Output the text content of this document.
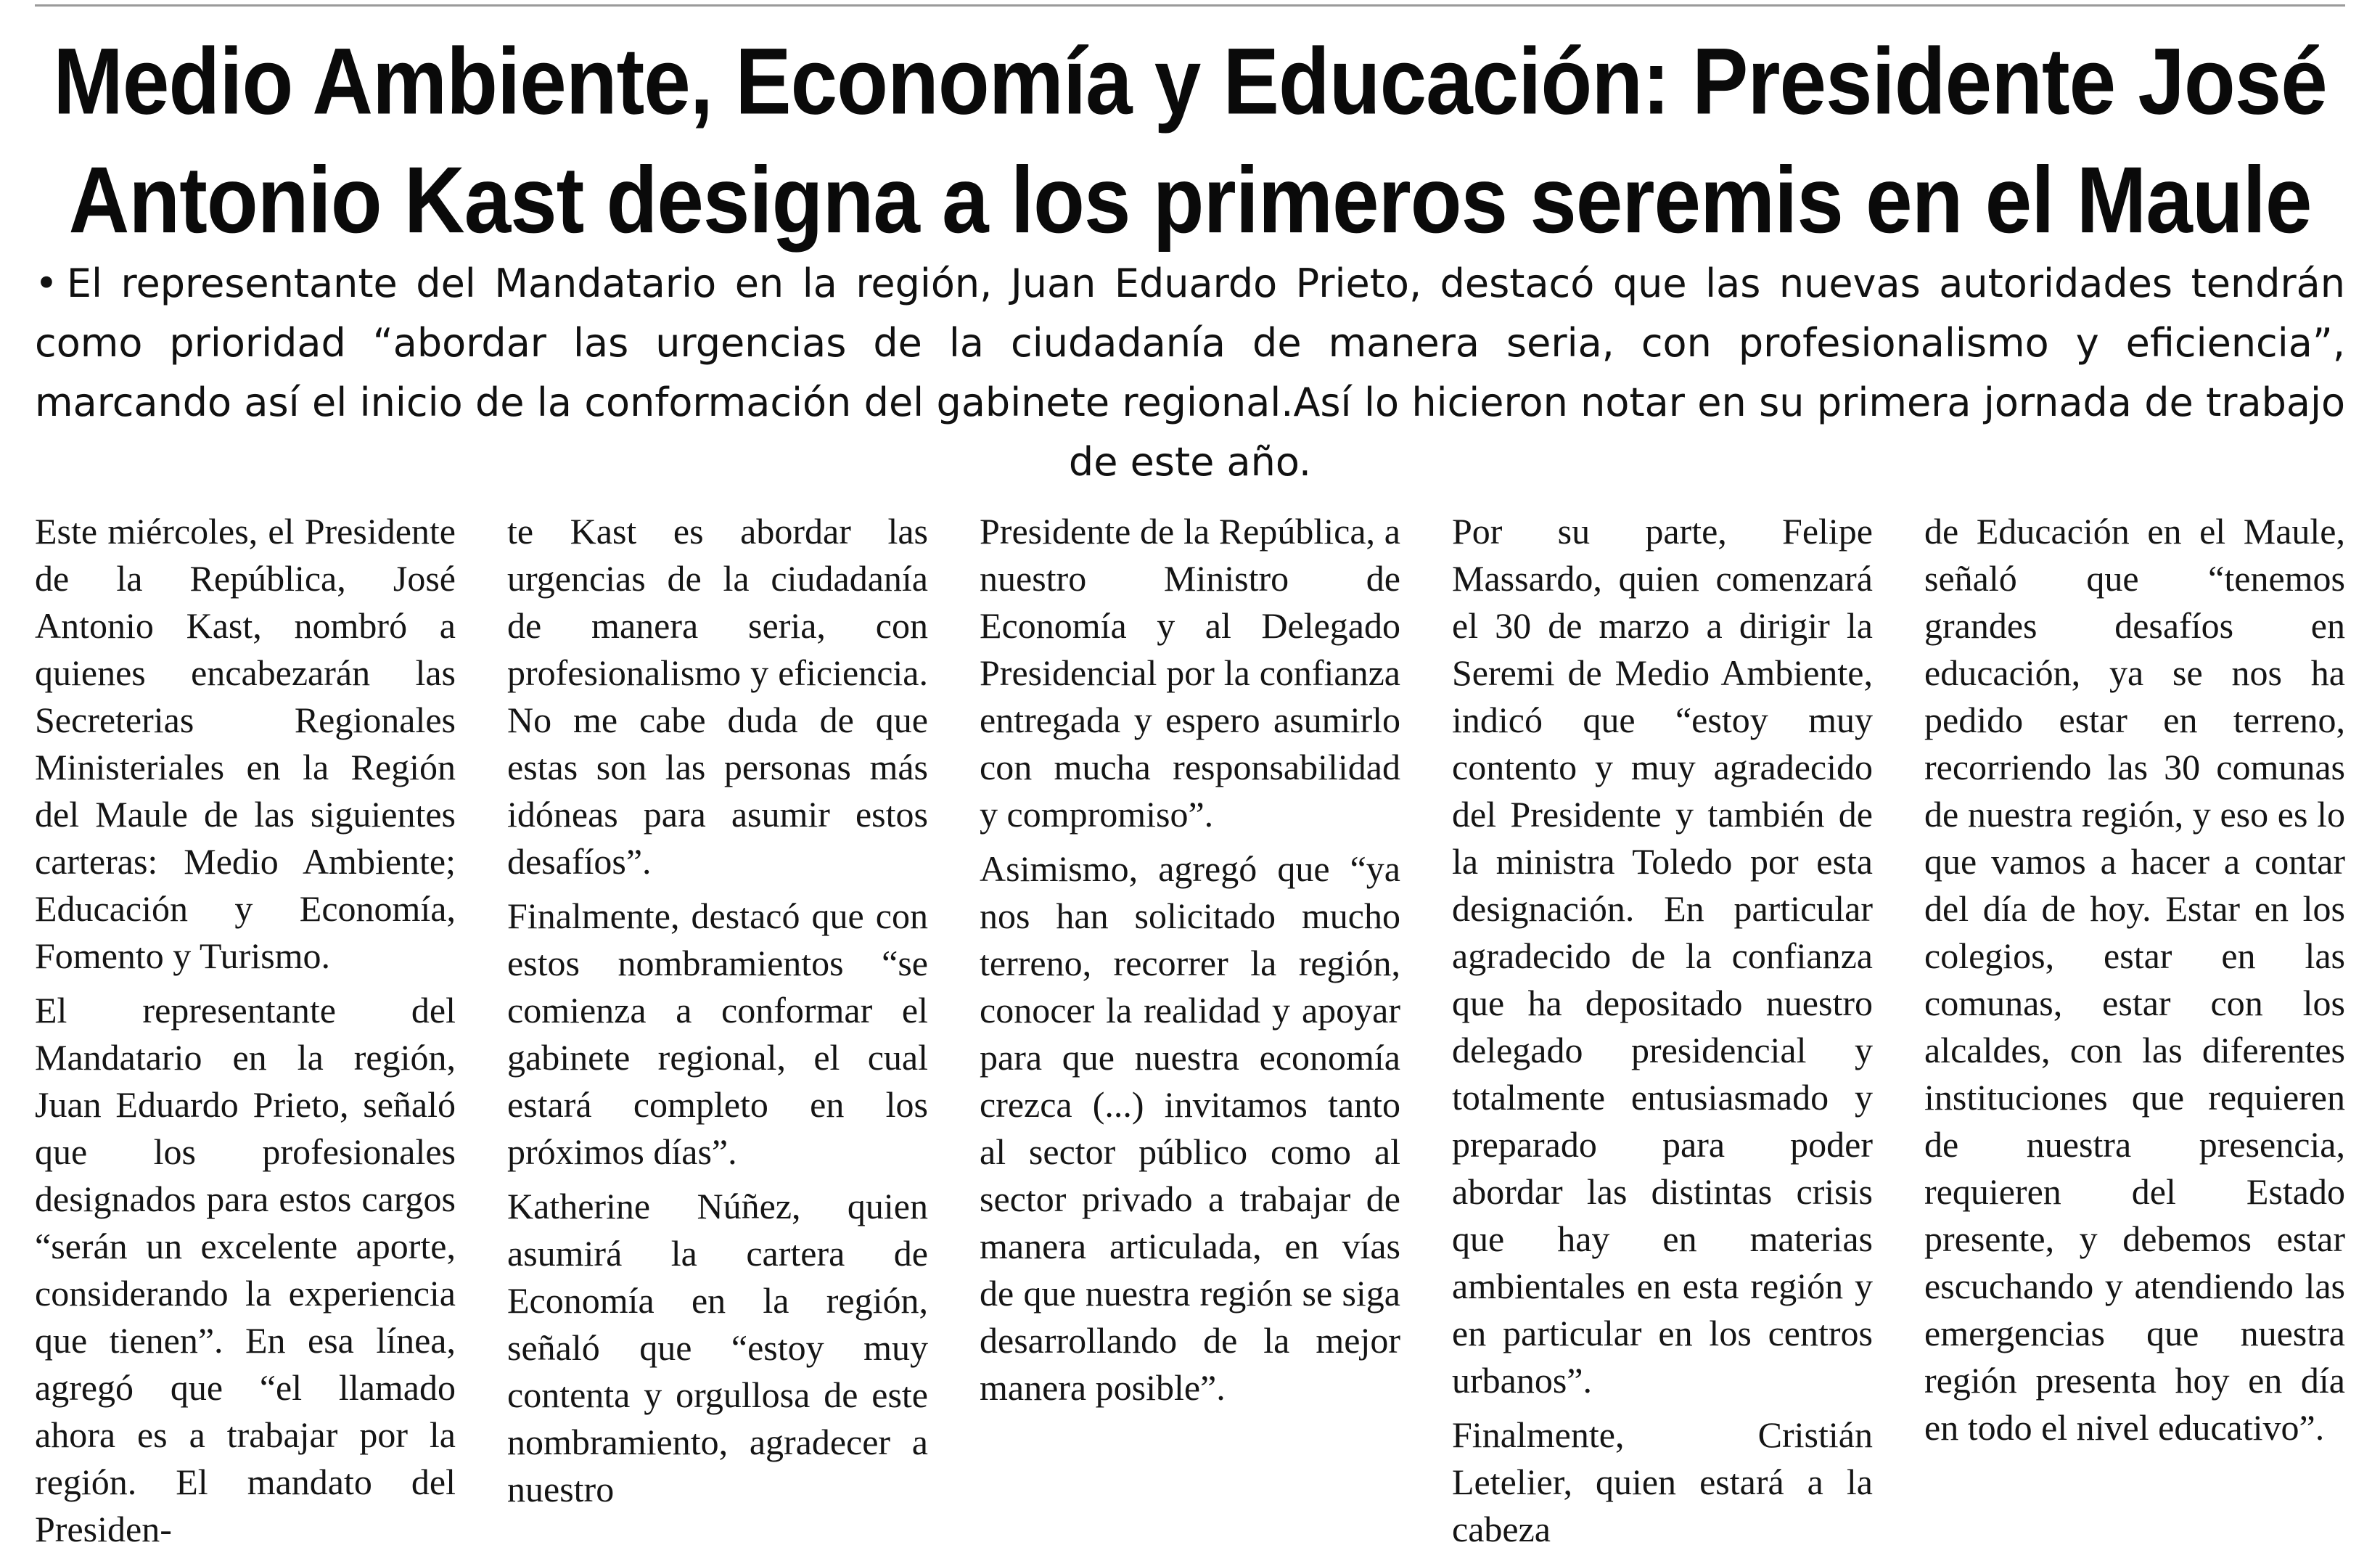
Medio Ambiente, Economía y Educación: Presidente José
Antonio Kast designa a los primeros seremis en el Maule

• El representante del Mandatario en la región, Juan Eduardo Prieto, destacó que las nuevas autoridades tendrán como prioridad “abordar las urgencias de la ciudadanía de manera seria, con profesionalismo y eficiencia”, marcando así el inicio de la conformación del gabinete regional.Así lo hicieron notar en su primera jornada de trabajo de este año.

Este miércoles, el Presidente de la República, José Antonio Kast, nombró a quienes encabezarán las Secreterias Regionales Ministeriales en la Región del Maule de las siguientes carteras: Medio Ambiente; Educación y Economía, Fomento y Turismo.

El representante del Mandatario en la región, Juan Eduardo Prieto, señaló que los profesionales designados para estos cargos “serán un excelente aporte, considerando la experiencia que tienen”. En esa línea, agregó que “el llamado ahora es a trabajar por la región. El mandato del Presiden-

te Kast es abordar las urgencias de la ciudadanía de manera seria, con profesionalismo y eficiencia. No me cabe duda de que estas son las personas más idóneas para asumir estos desafíos”.

Finalmente, destacó que con estos nombramientos “se comienza a conformar el gabinete regional, el cual estará completo en los próximos días”.

Katherine Núñez, quien asumirá la cartera de Economía en la región, señaló que “estoy muy contenta y orgullosa de este nombramiento, agradecer a nuestro

Presidente de la República, a nuestro Ministro de Economía y al Delegado Presidencial por la confianza entregada y espero asumirlo con mucha responsabilidad y compromiso”.

Asimismo, agregó que “ya nos han solicitado mucho terreno, recorrer la región, conocer la realidad y apoyar para que nuestra economía crezca (...) invitamos tanto al sector público como al sector privado a trabajar de manera articulada, en vías de que nuestra región se siga desarrollando de la mejor manera posible”.

Por su parte, Felipe Massardo, quien comenzará el 30 de marzo a dirigir la Seremi de Medio Ambiente, indicó que “estoy muy contento y muy agradecido del Presidente y también de la ministra Toledo por esta designación. En particular agradecido de la confianza que ha depositado nuestro delegado presidencial y totalmente entusiasmado y preparado para poder abordar las distintas crisis que hay en materias ambientales en esta región y en particular en los centros urbanos”.

Finalmente, Cristián Letelier, quien estará a la cabeza

de Educación en el Maule, señaló que “tenemos grandes desafíos en educación, ya se nos ha pedido estar en terreno, recorriendo las 30 comunas de nuestra región, y eso es lo que vamos a hacer a contar del día de hoy. Estar en los colegios, estar en las comunas, estar con los alcaldes, con las diferentes instituciones que requieren de nuestra presencia, requieren del Estado presente, y debemos estar escuchando y atendiendo las emergencias que nuestra región presenta hoy en día en todo el nivel educativo”.
